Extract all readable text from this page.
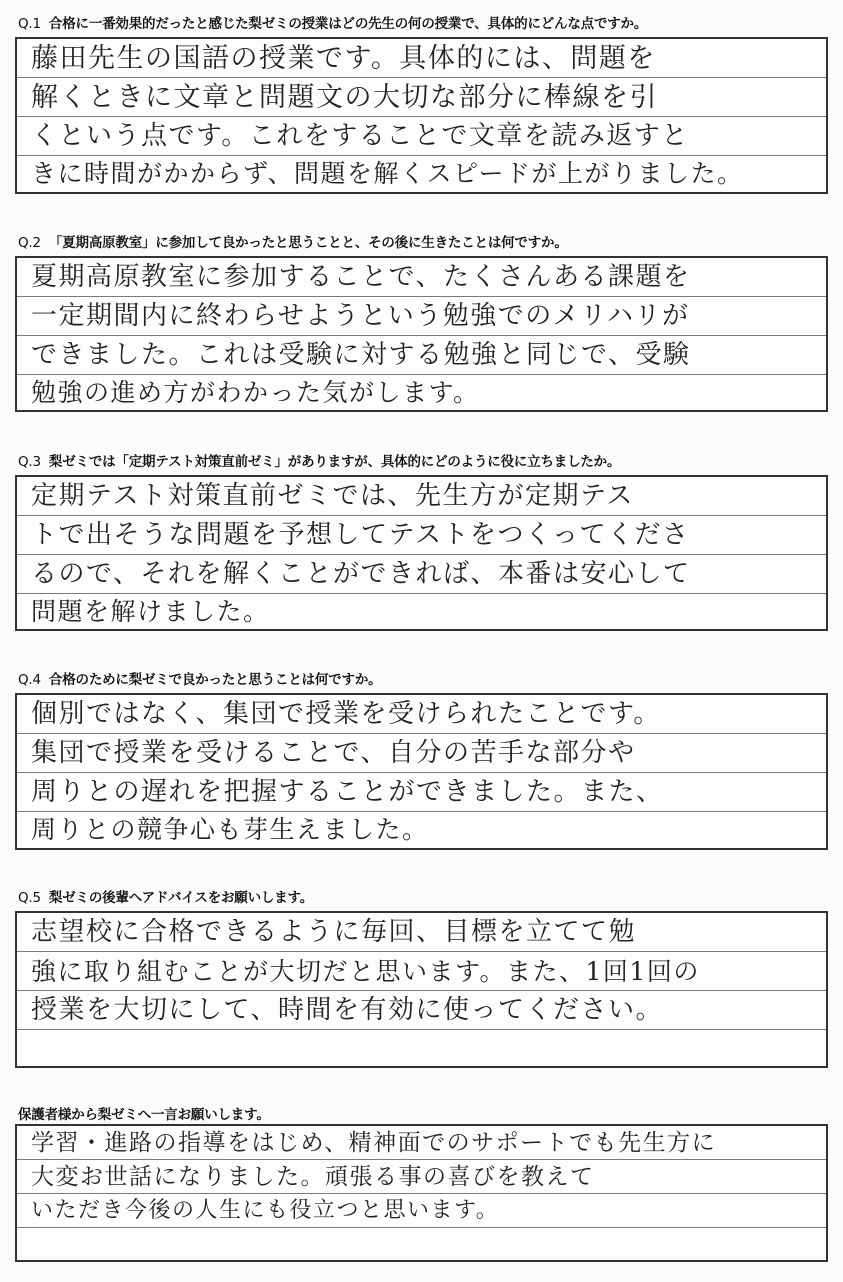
Q.1 合格に一番効果的だったと感じた梨ゼミの授業はどの先生の何の授業で、具体的にどんな点ですか。
藤田先生の国語の授業です。具体的には、問題を
解くときに文章と問題文の大切な部分に棒線を引
くという点です。これをすることで文章を読み返すと
きに時間がかからず、問題を解くスピードが上がりました。
Q.2 「夏期高原教室」に参加して良かったと思うことと、その後に生きたことは何ですか。
夏期高原教室に参加することで、たくさんある課題を
一定期間内に終わらせようという勉強でのメリハリが
できました。これは受験に対する勉強と同じで、受験
勉強の進め方がわかった気がします。
Q.3 梨ゼミでは「定期テスト対策直前ゼミ」がありますが、具体的にどのように役に立ちましたか。
定期テスト対策直前ゼミでは、先生方が定期テス
トで出そうな問題を予想してテストをつくってくださ
るので、それを解くことができれば、本番は安心して
問題を解けました。
Q.4 合格のために梨ゼミで良かったと思うことは何ですか。
個別ではなく、集団で授業を受けられたことです。
集団で授業を受けることで、自分の苦手な部分や
周りとの遅れを把握することができました。また、
周りとの競争心も芽生えました。
Q.5 梨ゼミの後輩へアドバイスをお願いします。
志望校に合格できるように毎回、目標を立てて勉
強に取り組むことが大切だと思います。また、1回1回の
授業を大切にして、時間を有効に使ってください。
保護者様から梨ゼミへ一言お願いします。
学習・進路の指導をはじめ、精神面でのサポートでも先生方に
大変お世話になりました。頑張る事の喜びを教えて
いただき今後の人生にも役立つと思います。
